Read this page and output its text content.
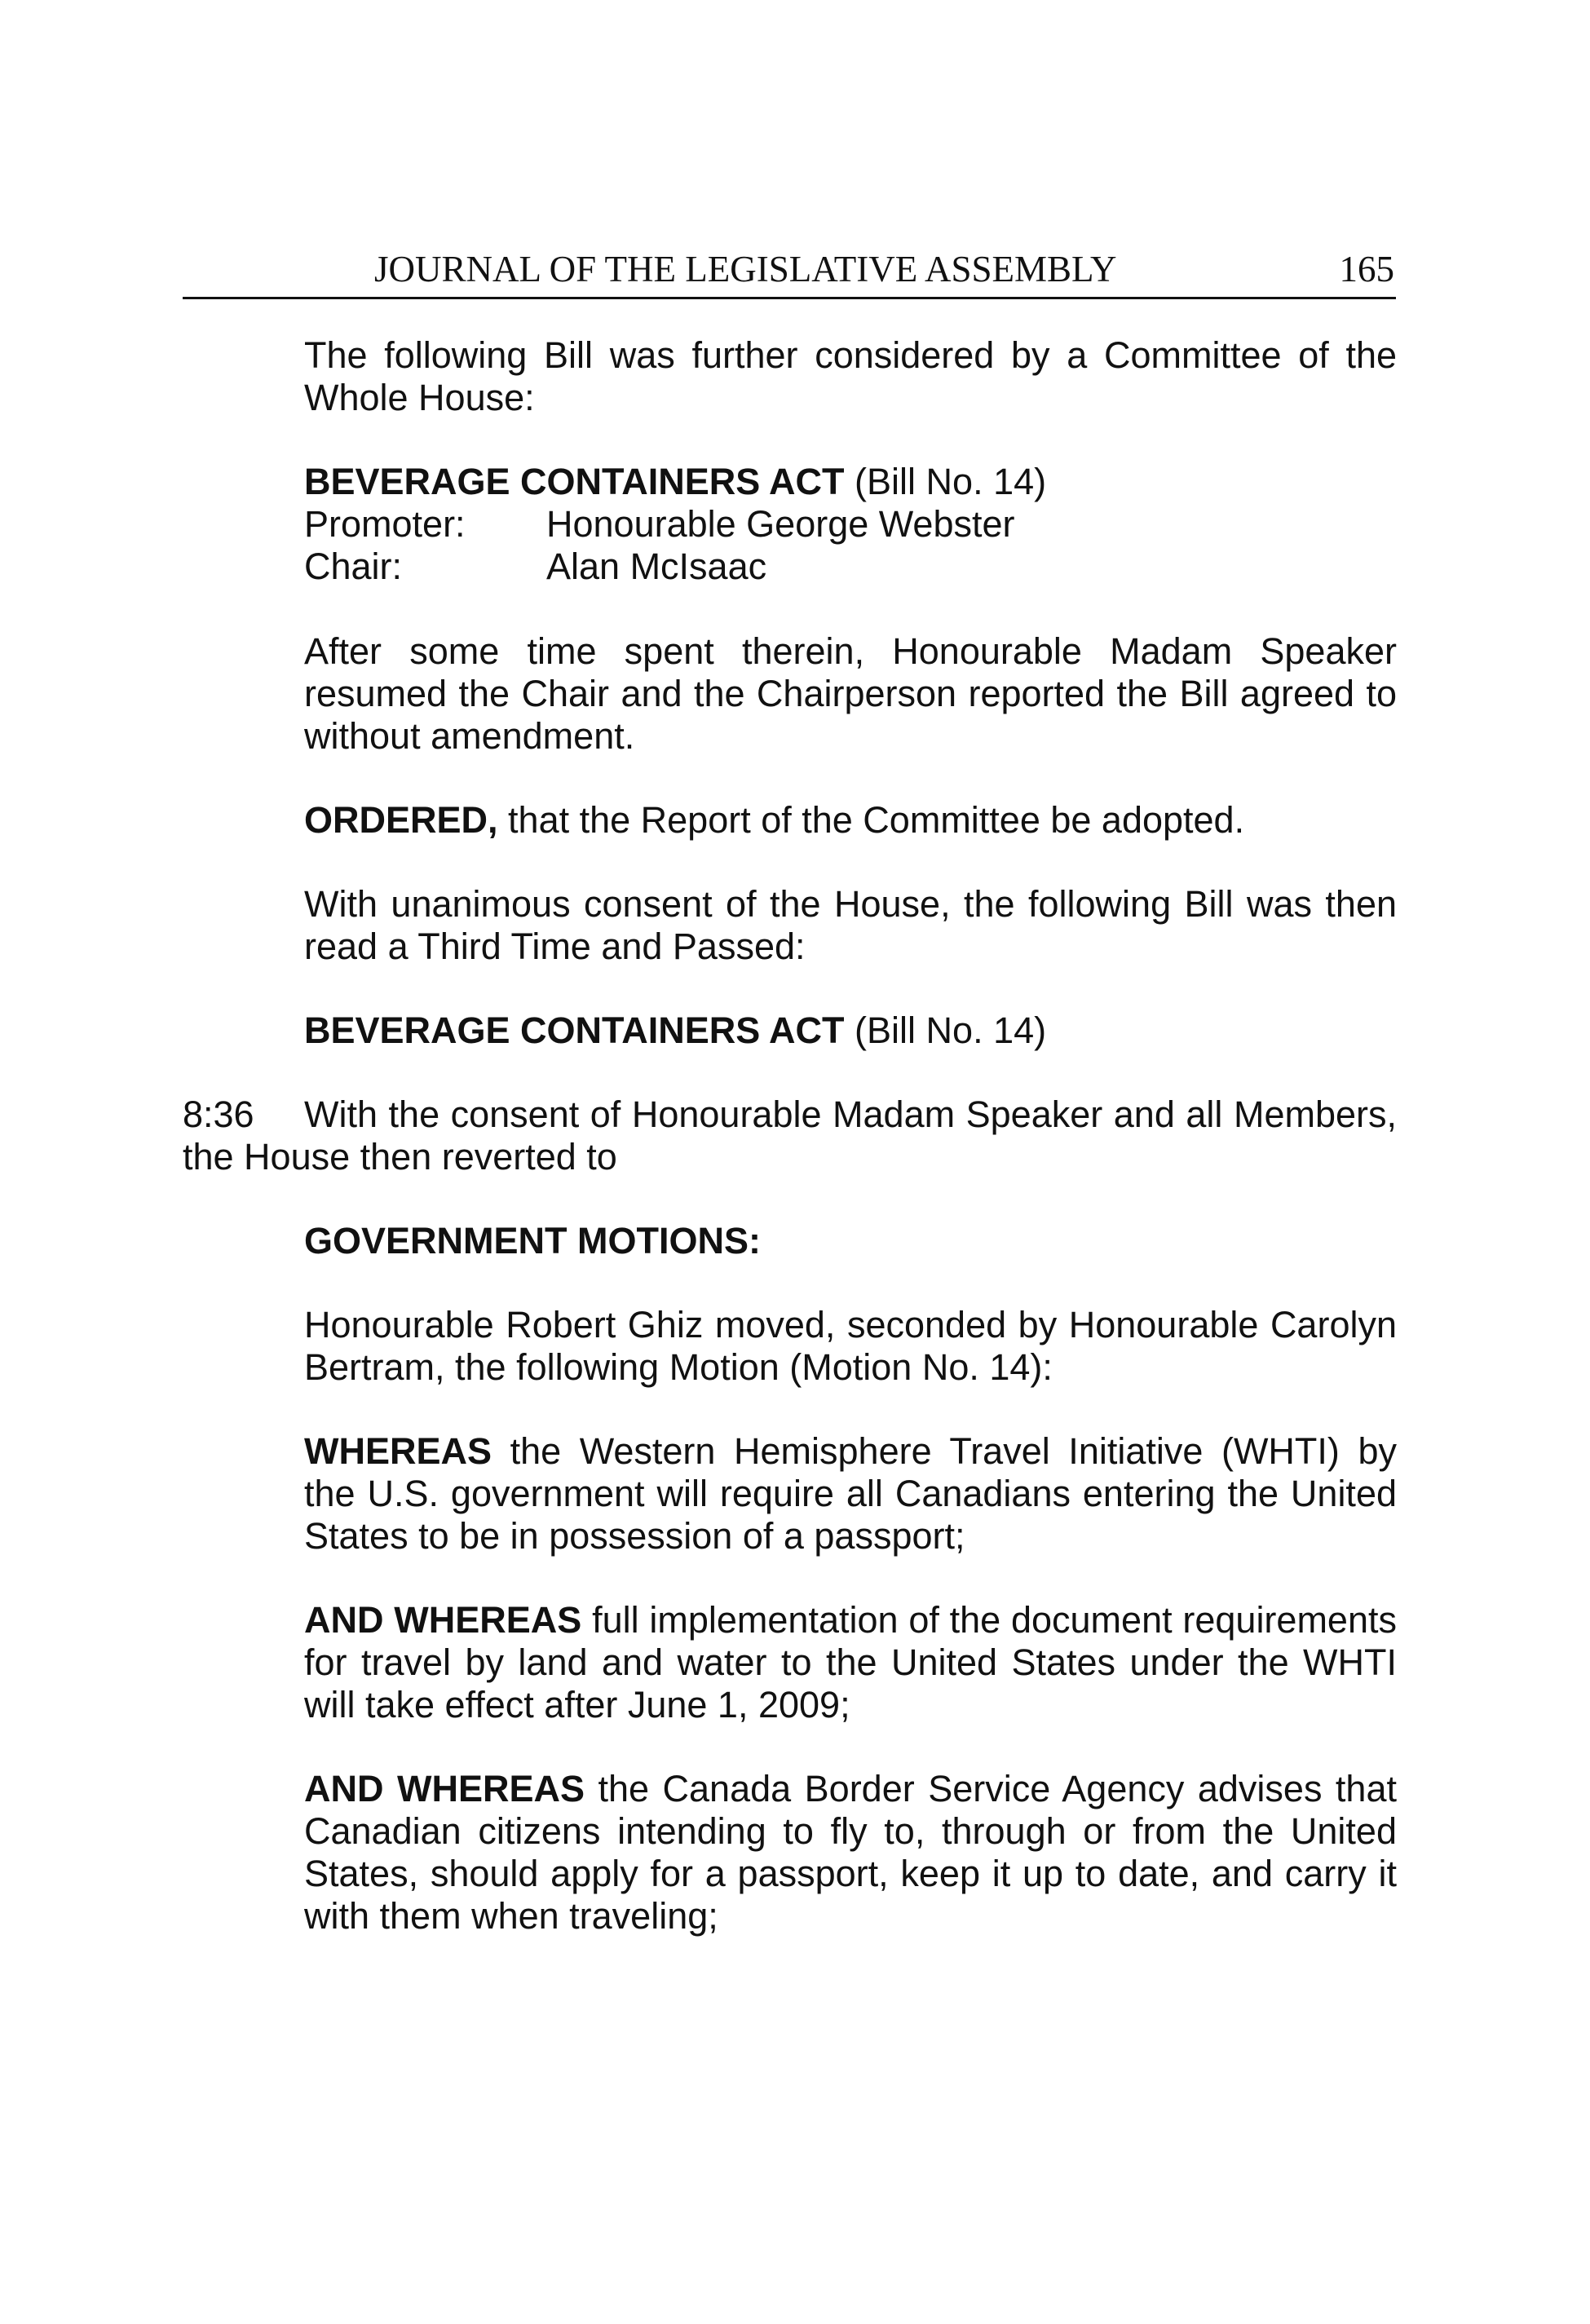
JOURNAL OF THE LEGISLATIVE ASSEMBLY	165

The following Bill was further considered by a Committee of the Whole House:

BEVERAGE CONTAINERS ACT (Bill No. 14)
Promoter: Honourable George Webster
Chair:	Alan McIsaac

After some time spent therein, Honourable Madam Speaker resumed the Chair and the Chairperson reported the Bill agreed to without amendment.

ORDERED, that the Report of the Committee be adopted.

With unanimous consent of the House, the following Bill was then read a Third Time and Passed:

BEVERAGE CONTAINERS ACT (Bill No. 14)

8:36 With the consent of Honourable Madam Speaker and all Members, the House then reverted to

GOVERNMENT MOTIONS:

Honourable Robert Ghiz moved, seconded by Honourable Carolyn Bertram, the following Motion (Motion No. 14):

WHEREAS the Western Hemisphere Travel Initiative (WHTI) by the U.S. government will require all Canadians entering the United States to be in possession of a passport;

AND WHEREAS full implementation of the document requirements for travel by land and water to the United States under the WHTI will take effect after June 1, 2009;

AND WHEREAS the Canada Border Service Agency advises that Canadian citizens intending to fly to, through or from the United States, should apply for a passport, keep it up to date, and carry it with them when traveling;
